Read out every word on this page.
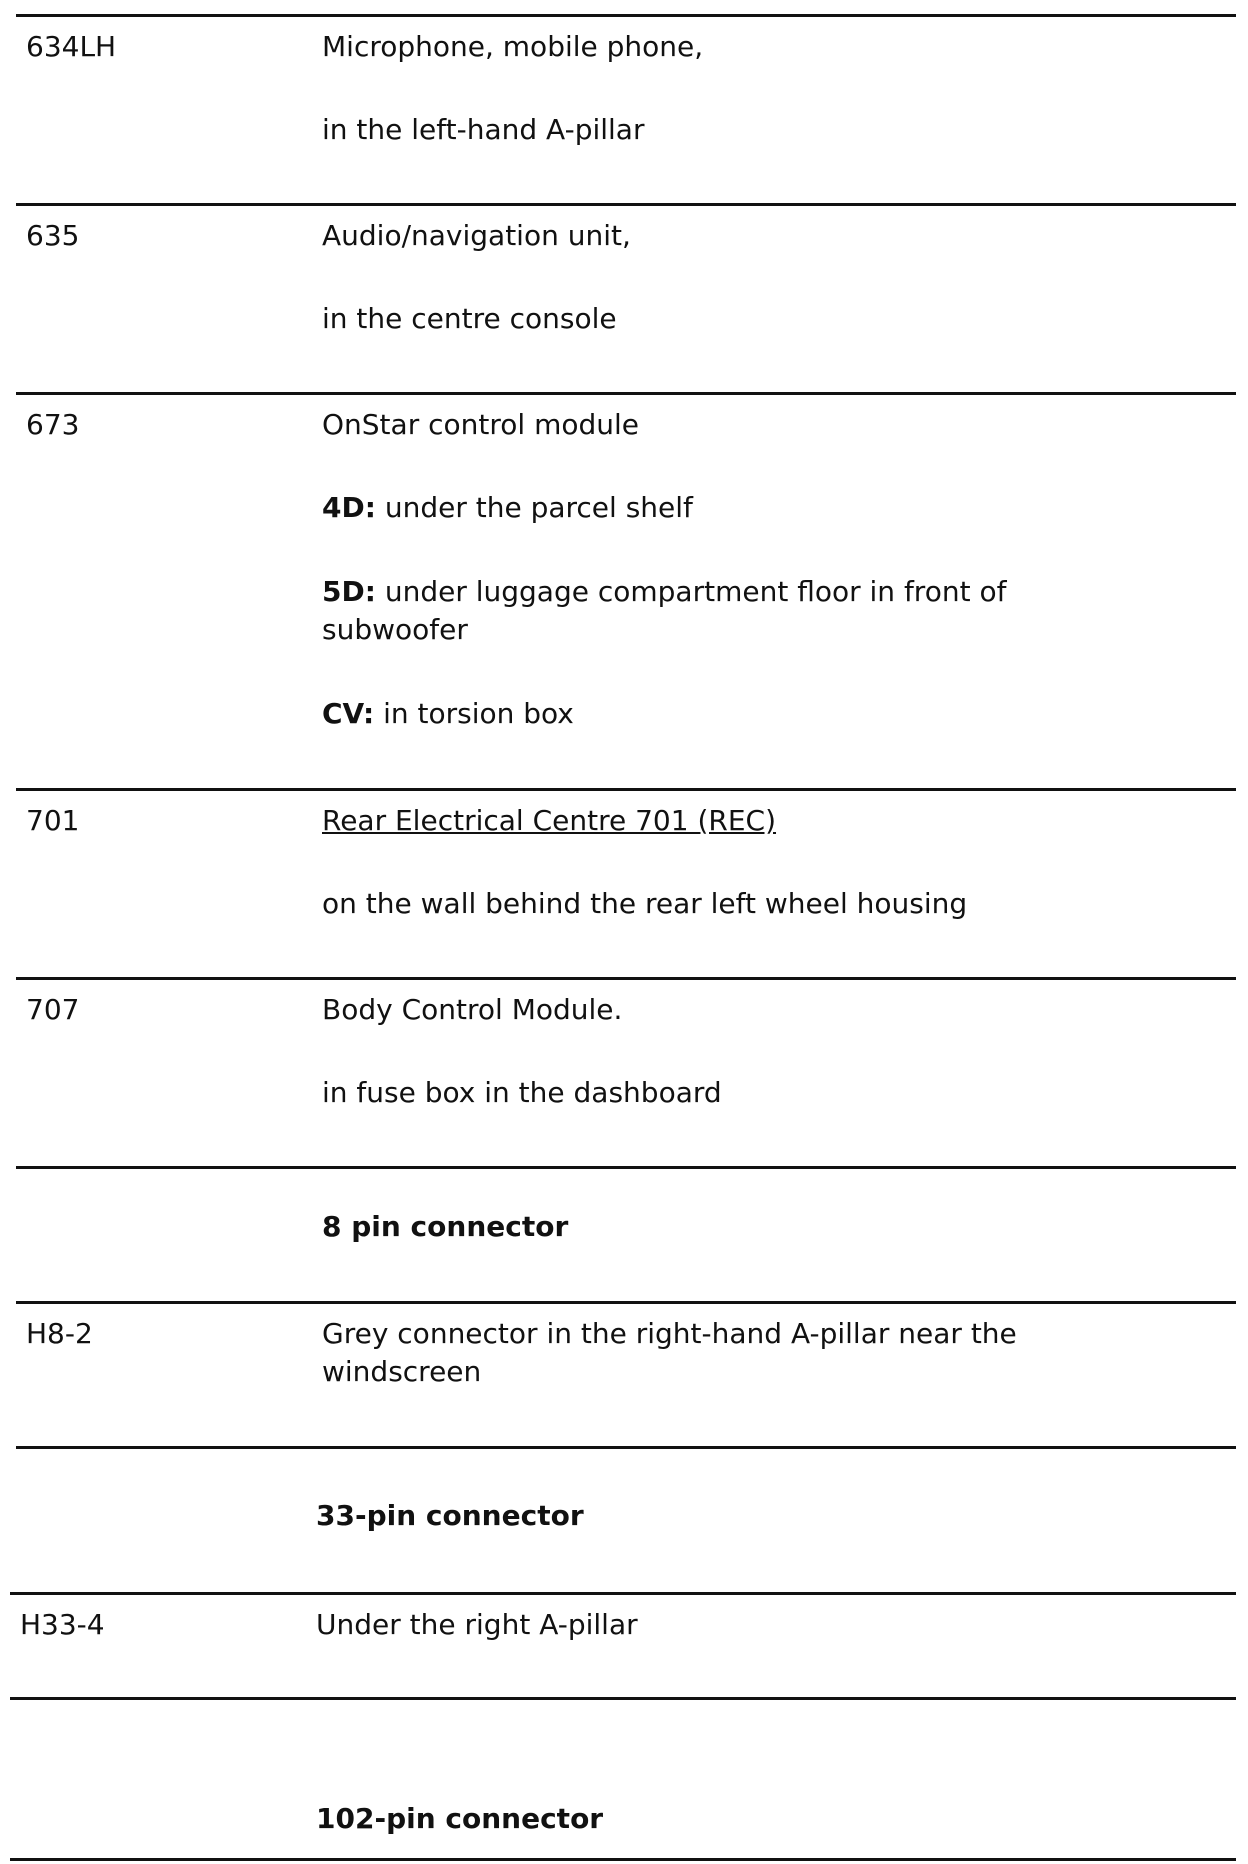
634LH	Microphone, mobile phone,
in the left-hand A-pillar
635	Audio/navigation unit,
in the centre console
673	OnStar control module
4D: under the parcel shelf
5D: under luggage compartment floor in front of subwoofer
CV: in torsion box
701	Rear Electrical Centre 701 (REC)
on the wall behind the rear left wheel housing
707	Body Control Module.
in fuse box in the dashboard
8 pin connector
H8-2	Grey connector in the right-hand A-pillar near the windscreen
33-pin connector
H33-4	Under the right A-pillar
102-pin connector
